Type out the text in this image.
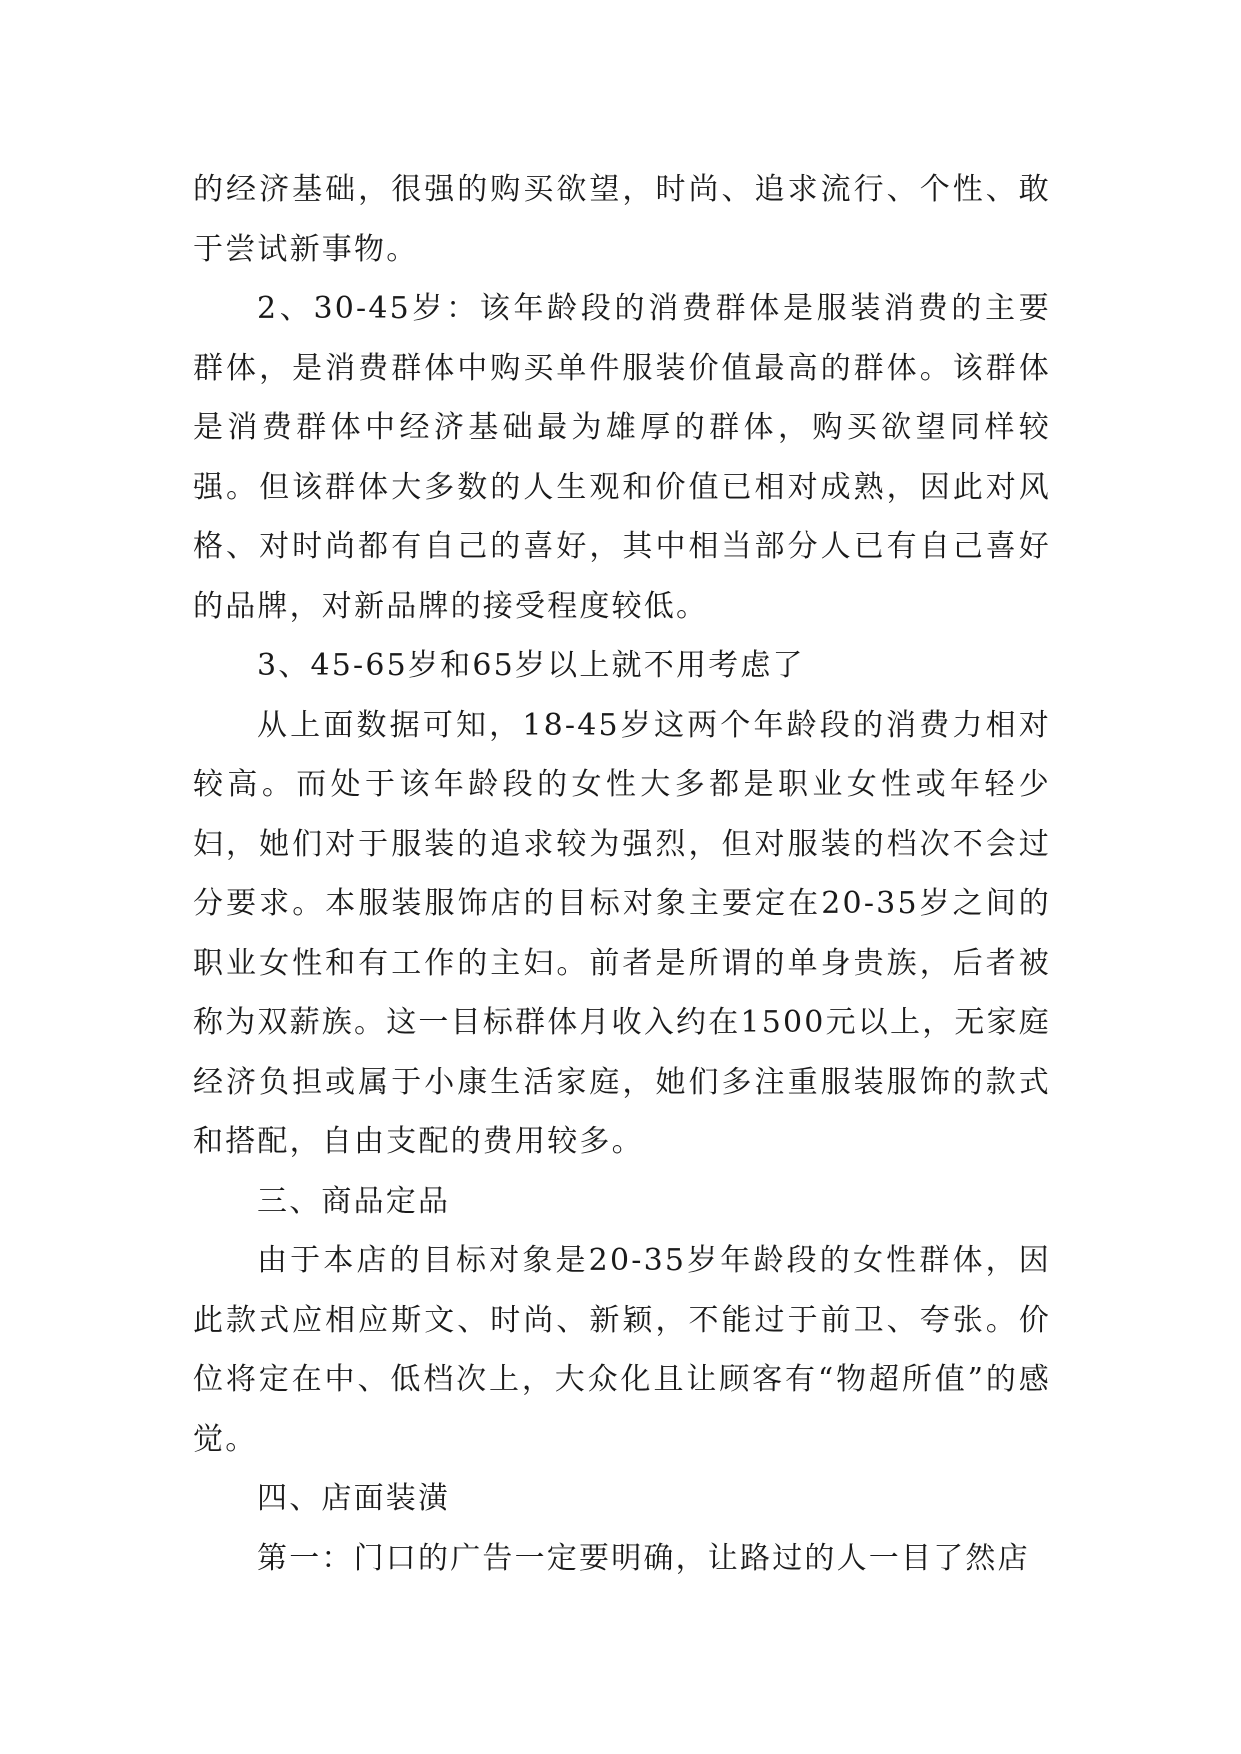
的经济基础，很强的购买欲望，时尚、追求流行、个性、敢于尝试新事物。

2、30-45岁：该年龄段的消费群体是服装消费的主要群体，是消费群体中购买单件服装价值最高的群体。该群体是消费群体中经济基础最为雄厚的群体，购买欲望同样较强。但该群体大多数的人生观和价值已相对成熟，因此对风格、对时尚都有自己的喜好，其中相当部分人已有自己喜好的品牌，对新品牌的接受程度较低。

3、45-65岁和65岁以上就不用考虑了

从上面数据可知，18-45岁这两个年龄段的消费力相对较高。而处于该年龄段的女性大多都是职业女性或年轻少妇，她们对于服装的追求较为强烈，但对服装的档次不会过分要求。本服装服饰店的目标对象主要定在20-35岁之间的职业女性和有工作的主妇。前者是所谓的单身贵族，后者被称为双薪族。这一目标群体月收入约在1500元以上，无家庭经济负担或属于小康生活家庭，她们多注重服装服饰的款式和搭配，自由支配的费用较多。

三、商品定品

由于本店的目标对象是20-35岁年龄段的女性群体，因此款式应相应斯文、时尚、新颖，不能过于前卫、夸张。价位将定在中、低档次上，大众化且让顾客有“物超所值”的感觉。

四、店面装潢

第一：门口的广告一定要明确，让路过的人一目了然店
